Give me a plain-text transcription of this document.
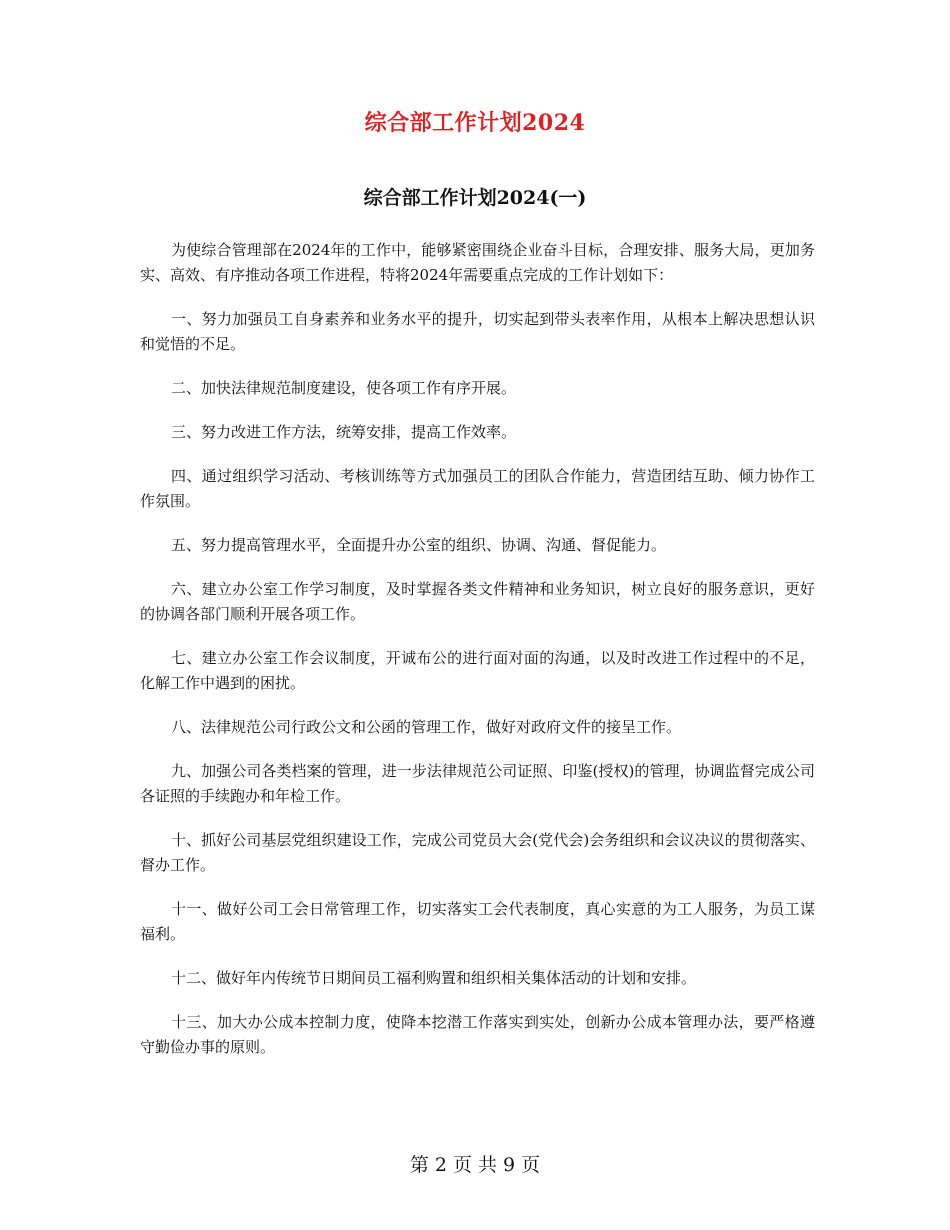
综合部工作计划2024
综合部工作计划2024(一)

为使综合管理部在2024年的工作中，能够紧密围绕企业奋斗目标，合理安排、服务大局，更加务实、高效、有序推动各项工作进程，特将2024年需要重点完成的工作计划如下：

一、努力加强员工自身素养和业务水平的提升，切实起到带头表率作用，从根本上解决思想认识和觉悟的不足。

二、加快法律规范制度建设，使各项工作有序开展。

三、努力改进工作方法，统筹安排，提高工作效率。

四、通过组织学习活动、考核训练等方式加强员工的团队合作能力，营造团结互助、倾力协作工作氛围。

五、努力提高管理水平，全面提升办公室的组织、协调、沟通、督促能力。

六、建立办公室工作学习制度，及时掌握各类文件精神和业务知识，树立良好的服务意识，更好的协调各部门顺利开展各项工作。

七、建立办公室工作会议制度，开诚布公的进行面对面的沟通，以及时改进工作过程中的不足，化解工作中遇到的困扰。

八、法律规范公司行政公文和公函的管理工作，做好对政府文件的接呈工作。

九、加强公司各类档案的管理，进一步法律规范公司证照、印鉴(授权)的管理，协调监督完成公司各证照的手续跑办和年检工作。

十、抓好公司基层党组织建设工作，完成公司党员大会(党代会)会务组织和会议决议的贯彻落实、督办工作。

十一、做好公司工会日常管理工作，切实落实工会代表制度，真心实意的为工人服务，为员工谋福利。

十二、做好年内传统节日期间员工福利购置和组织相关集体活动的计划和安排。

十三、加大办公成本控制力度，使降本挖潜工作落实到实处，创新办公成本管理办法，要严格遵守勤俭办事的原则。

第 2 页 共 9 页
